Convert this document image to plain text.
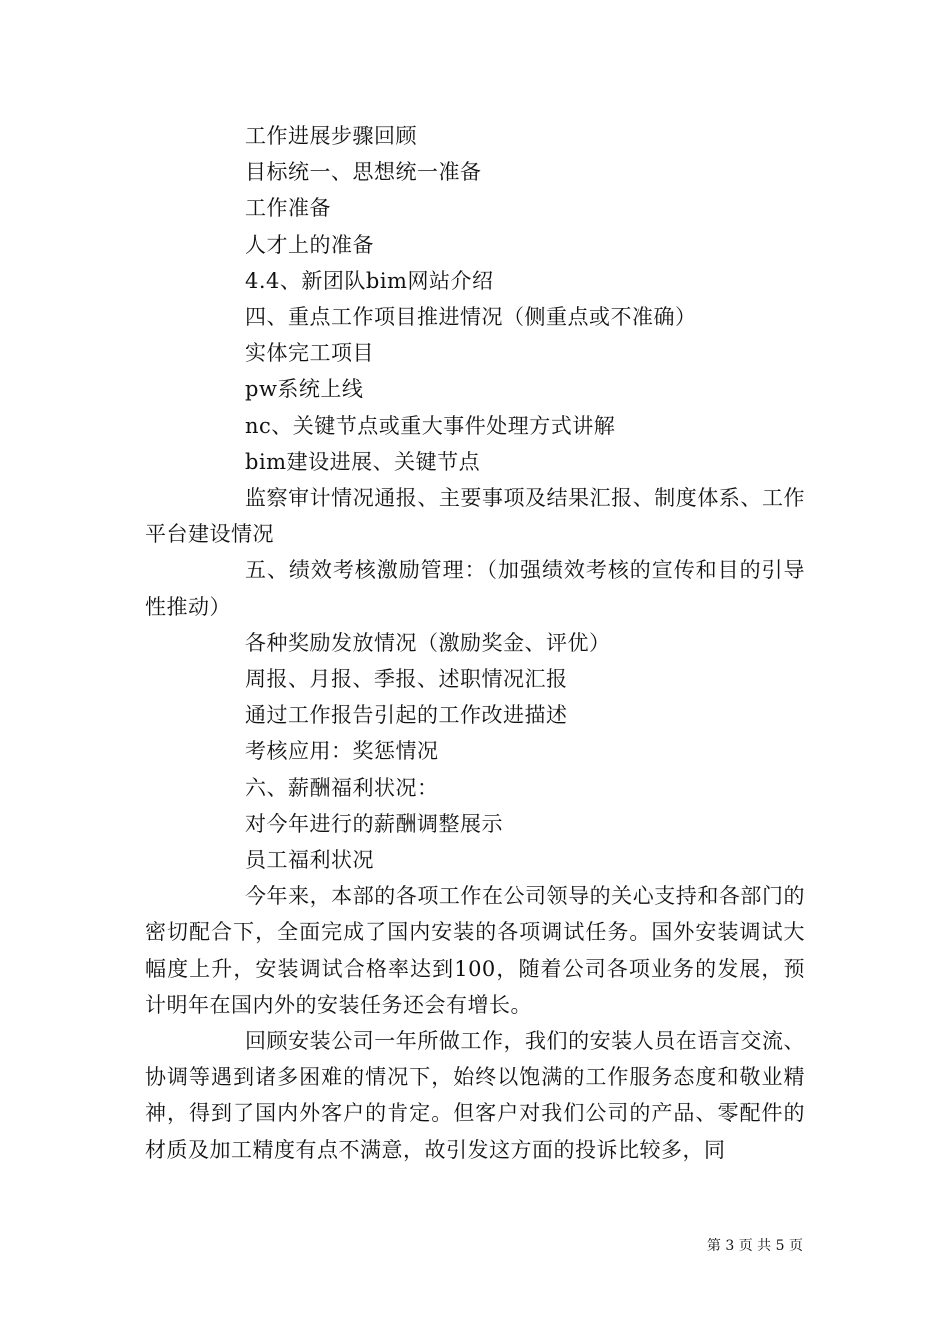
工作进展步骤回顾

目标统一、思想统一准备

工作准备

人才上的准备

4.4、新团队bim网站介绍

四、重点工作项目推进情况（侧重点或不准确）

实体完工项目

pw系统上线

nc、关键节点或重大事件处理方式讲解

bim建设进展、关键节点

监察审计情况通报、主要事项及结果汇报、制度体系、工作平台建设情况

五、绩效考核激励管理：（加强绩效考核的宣传和目的引导性推动）

各种奖励发放情况（激励奖金、评优）

周报、月报、季报、述职情况汇报

通过工作报告引起的工作改进描述

考核应用：奖惩情况

六、薪酬福利状况：

对今年进行的薪酬调整展示

员工福利状况

今年来，本部的各项工作在公司领导的关心支持和各部门的密切配合下，全面完成了国内安装的各项调试任务。国外安装调试大幅度上升，安装调试合格率达到100，随着公司各项业务的发展，预计明年在国内外的安装任务还会有增长。

回顾安装公司一年所做工作，我们的安装人员在语言交流、协调等遇到诸多困难的情况下，始终以饱满的工作服务态度和敬业精神，得到了国内外客户的肯定。但客户对我们公司的产品、零配件的材质及加工精度有点不满意，故引发这方面的投诉比较多，同

第 3 页 共 5 页
